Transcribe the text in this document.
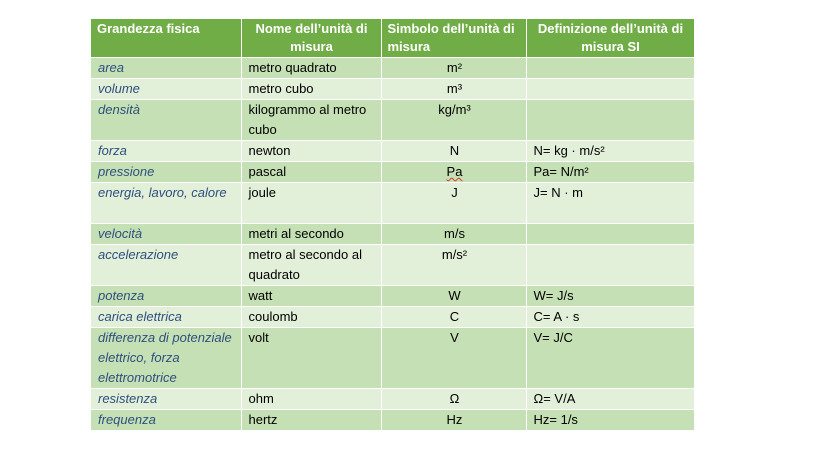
Grandezza fisica	Nome dell’unità di misura	Simbolo dell’unità di misura	Definizione dell’unità di misura SI
area	metro quadrato	m²	
volume	metro cubo	m³	
densità	kilogrammo al metro cubo	kg/m³	
forza	newton	N	N= kg · m/s²
pressione	pascal	Pa	Pa= N/m²
energia, lavoro, calore	joule	J	J= N · m
velocità	metri al secondo	m/s	
accelerazione	metro al secondo al quadrato	m/s²	
potenza	watt	W	W= J/s
carica elettrica	coulomb	C	C= A · s
differenza di potenziale elettrico, forza elettromotrice	volt	V	V= J/C
resistenza	ohm	Ω	Ω= V/A
frequenza	hertz	Hz	Hz= 1/s
